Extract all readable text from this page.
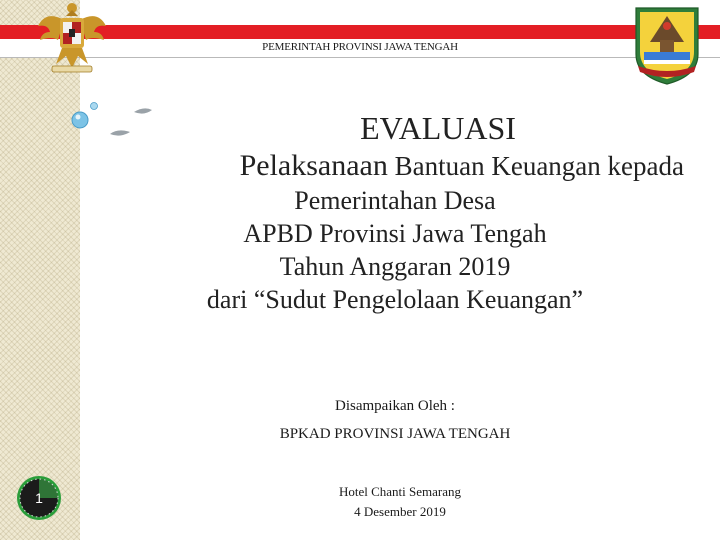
PEMERINTAH PROVINSI JAWA TENGAH
EVALUASI
Pelaksanaan Bantuan Keuangan kepada
Pemerintahan Desa
APBD Provinsi Jawa Tengah
Tahun Anggaran 2019
dari “Sudut Pengelolaan Keuangan”
Disampaikan Oleh :
BPKAD PROVINSI JAWA TENGAH
Hotel Chanti Semarang
4 Desember 2019
1
